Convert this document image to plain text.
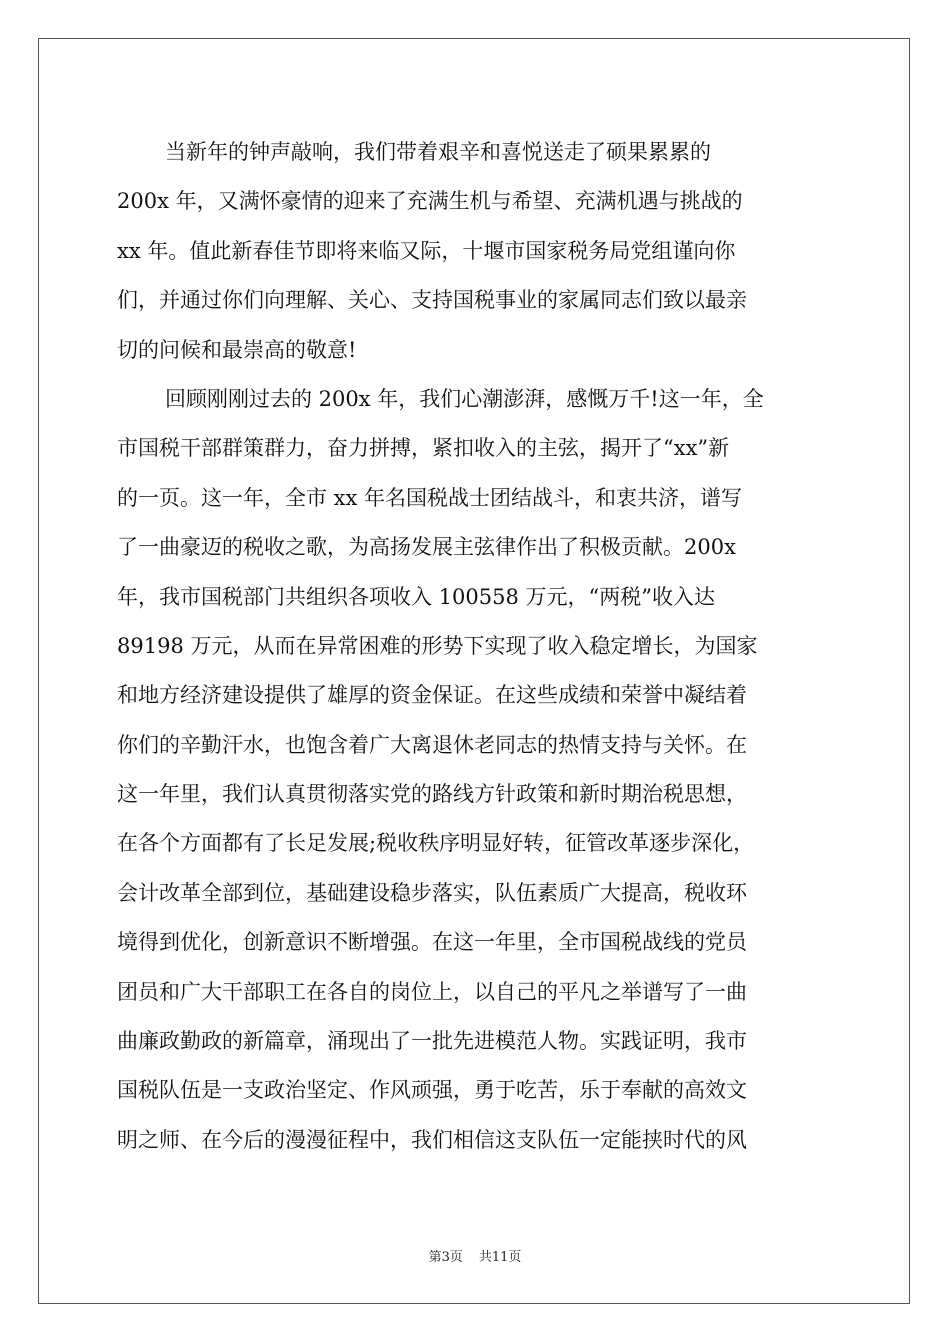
当新年的钟声敲响，我们带着艰辛和喜悦送走了硕果累累的
200x 年，又满怀豪情的迎来了充满生机与希望、充满机遇与挑战的
xx 年。值此新春佳节即将来临又际，十堰市国家税务局党组谨向你
们，并通过你们向理解、关心、支持国税事业的家属同志们致以最亲
切的问候和最崇高的敬意!
回顾刚刚过去的 200x 年，我们心潮澎湃，感慨万千!这一年，全
市国税干部群策群力，奋力拼搏，紧扣收入的主弦，揭开了“xx”新
的一页。这一年，全市 xx 年名国税战士团结战斗，和衷共济，谱写
了一曲豪迈的税收之歌，为高扬发展主弦律作出了积极贡献。200x
年，我市国税部门共组织各项收入 100558 万元，“两税”收入达
89198 万元，从而在异常困难的形势下实现了收入稳定增长，为国家
和地方经济建设提供了雄厚的资金保证。在这些成绩和荣誉中凝结着
你们的辛勤汗水，也饱含着广大离退休老同志的热情支持与关怀。在
这一年里，我们认真贯彻落实党的路线方针政策和新时期治税思想，
在各个方面都有了长足发展;税收秩序明显好转，征管改革逐步深化，
会计改革全部到位，基础建设稳步落实，队伍素质广大提高，税收环
境得到优化，创新意识不断增强。在这一年里，全市国税战线的党员
团员和广大干部职工在各自的岗位上，以自己的平凡之举谱写了一曲
曲廉政勤政的新篇章，涌现出了一批先进模范人物。实践证明，我市
国税队伍是一支政治坚定、作风顽强，勇于吃苦，乐于奉献的高效文
明之师、在今后的漫漫征程中，我们相信这支队伍一定能挟时代的风
第3页 共11页
